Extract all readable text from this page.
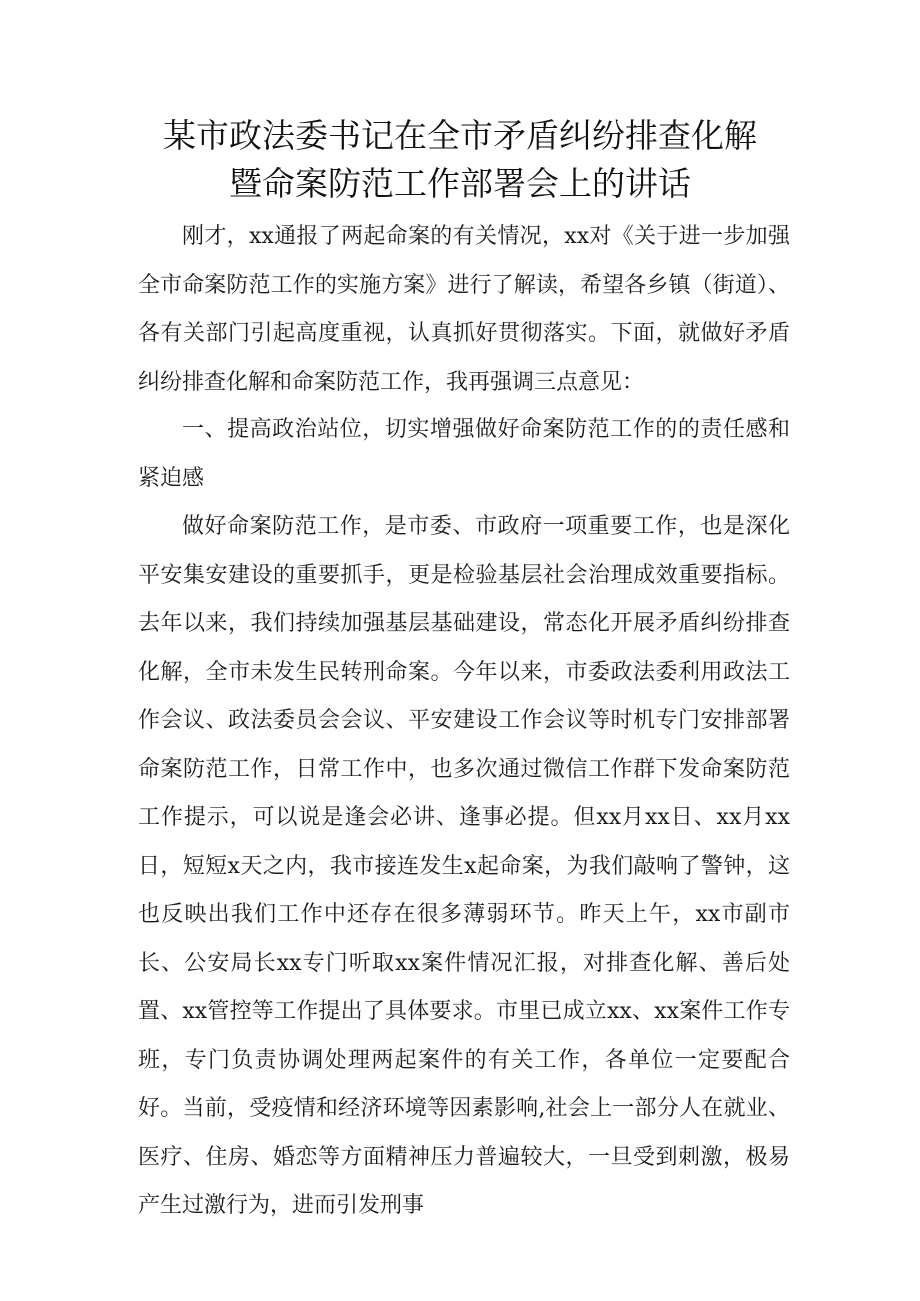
某市政法委书记在全市矛盾纠纷排查化解
暨命案防范工作部署会上的讲话

刚才，xx通报了两起命案的有关情况，xx对《关于进一步加强全市命案防范工作的实施方案》进行了解读，希望各乡镇（街道）、各有关部门引起高度重视，认真抓好贯彻落实。下面，就做好矛盾纠纷排查化解和命案防范工作，我再强调三点意见：

一、提高政治站位，切实增强做好命案防范工作的的责任感和紧迫感

做好命案防范工作，是市委、市政府一项重要工作，也是深化平安集安建设的重要抓手，更是检验基层社会治理成效重要指标。去年以来，我们持续加强基层基础建设，常态化开展矛盾纠纷排查化解，全市未发生民转刑命案。今年以来，市委政法委利用政法工作会议、政法委员会会议、平安建设工作会议等时机专门安排部署命案防范工作，日常工作中，也多次通过微信工作群下发命案防范工作提示，可以说是逢会必讲、逢事必提。但xx月xx日、xx月xx日，短短x天之内，我市接连发生x起命案，为我们敲响了警钟，这也反映出我们工作中还存在很多薄弱环节。昨天上午，xx市副市长、公安局长xx专门听取xx案件情况汇报，对排查化解、善后处置、xx管控等工作提出了具体要求。市里已成立xx、xx案件工作专班，专门负责协调处理两起案件的有关工作，各单位一定要配合好。当前，受疫情和经济环境等因素影响,社会上一部分人在就业、医疗、住房、婚恋等方面精神压力普遍较大，一旦受到刺激，极易产生过激行为，进而引发刑事
